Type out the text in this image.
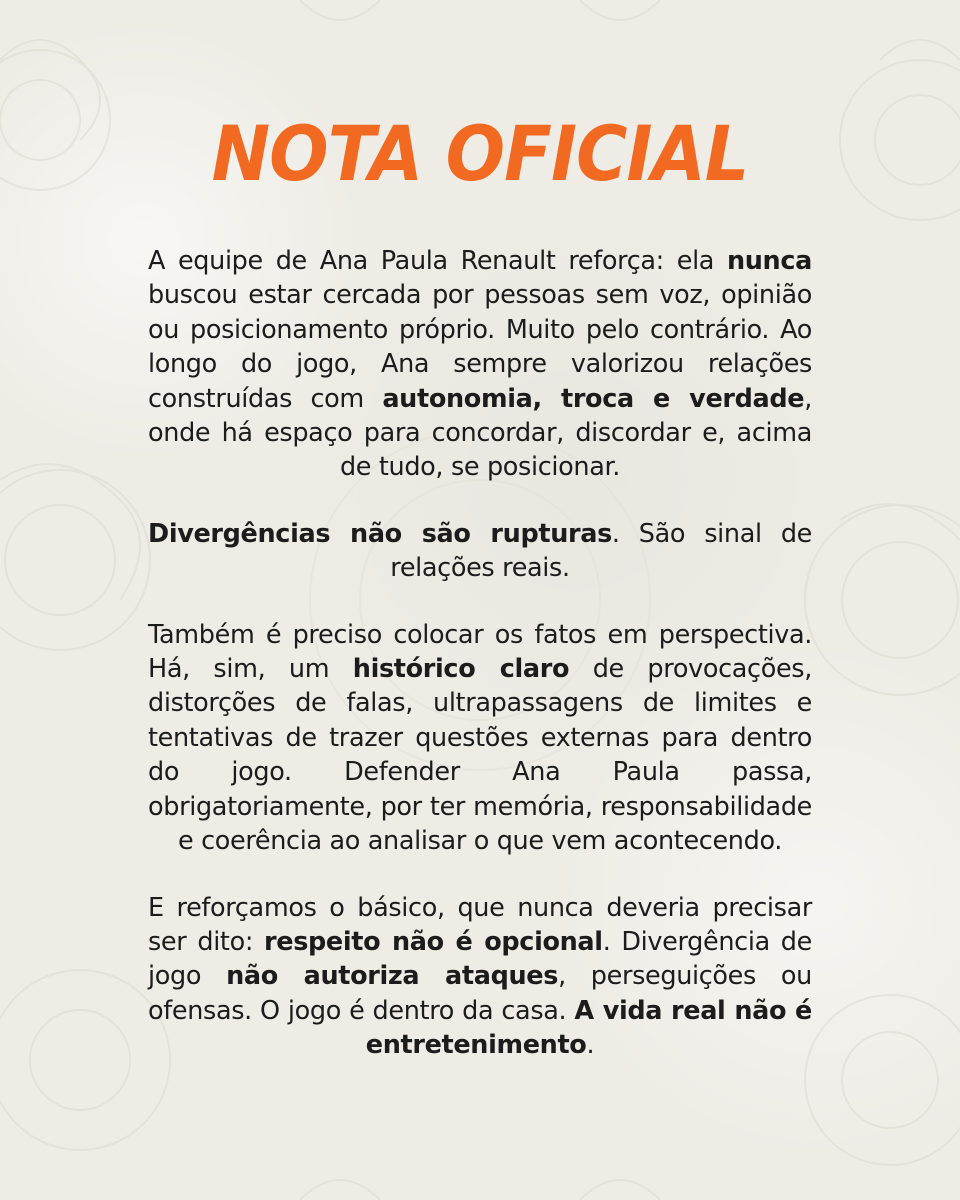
NOTA OFICIAL

A equipe de Ana Paula Renault reforça: ela nunca buscou estar cercada por pessoas sem voz, opinião ou posicionamento próprio. Muito pelo contrário. Ao longo do jogo, Ana sempre valorizou relações construídas com autonomia, troca e verdade, onde há espaço para concordar, discordar e, acima de tudo, se posicionar.

Divergências não são rupturas. São sinal de relações reais.

Também é preciso colocar os fatos em perspectiva. Há, sim, um histórico claro de provocações, distorções de falas, ultrapassagens de limites e tentativas de trazer questões externas para dentro do jogo. Defender Ana Paula passa, obrigatoriamente, por ter memória, responsabilidade e coerência ao analisar o que vem acontecendo.

E reforçamos o básico, que nunca deveria precisar ser dito: respeito não é opcional. Divergência de jogo não autoriza ataques, perseguições ou ofensas. O jogo é dentro da casa. A vida real não é entretenimento.
